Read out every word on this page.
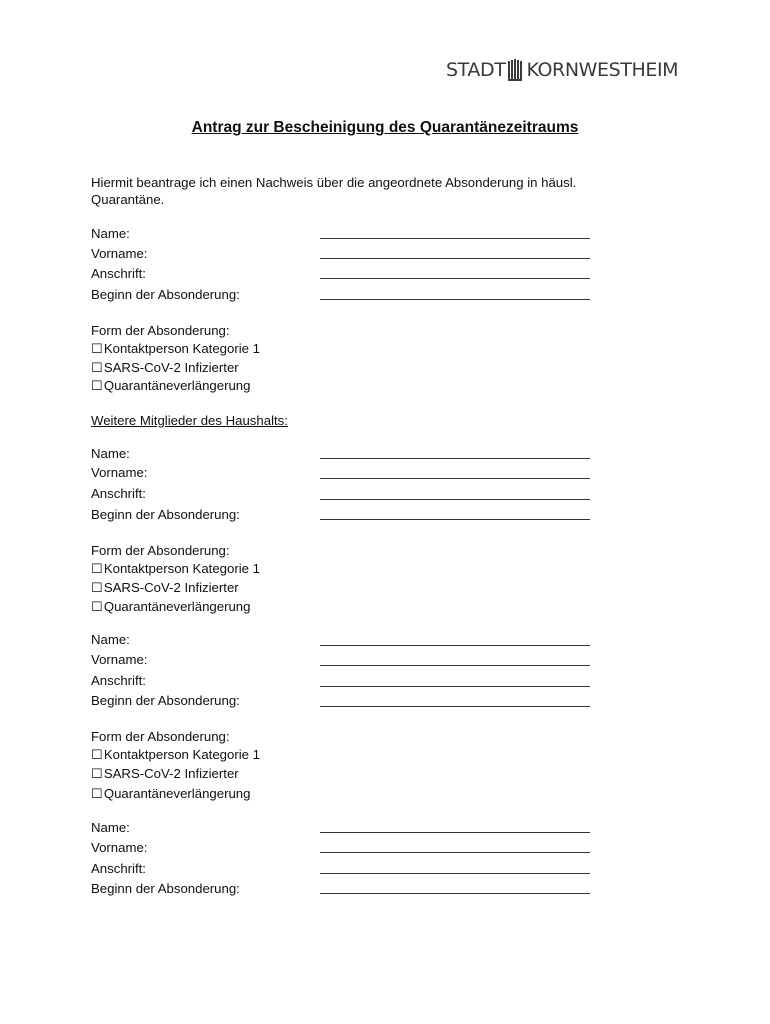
STADT KORNWESTHEIM
Antrag zur Bescheinigung des Quarantänezeitraums
Hiermit beantrage ich einen Nachweis über die angeordnete Absonderung in häusl. Quarantäne.
Name:
Vorname:
Anschrift:
Beginn der Absonderung:
Form der Absonderung:
☐Kontaktperson Kategorie 1
☐SARS-CoV-2 Infizierter
☐Quarantäneverlängerung
Weitere Mitglieder des Haushalts:
Name:
Vorname:
Anschrift:
Beginn der Absonderung:
Form der Absonderung:
☐Kontaktperson Kategorie 1
☐SARS-CoV-2 Infizierter
☐Quarantäneverlängerung
Name:
Vorname:
Anschrift:
Beginn der Absonderung:
Form der Absonderung:
☐Kontaktperson Kategorie 1
☐SARS-CoV-2 Infizierter
☐Quarantäneverlängerung
Name:
Vorname:
Anschrift:
Beginn der Absonderung:
